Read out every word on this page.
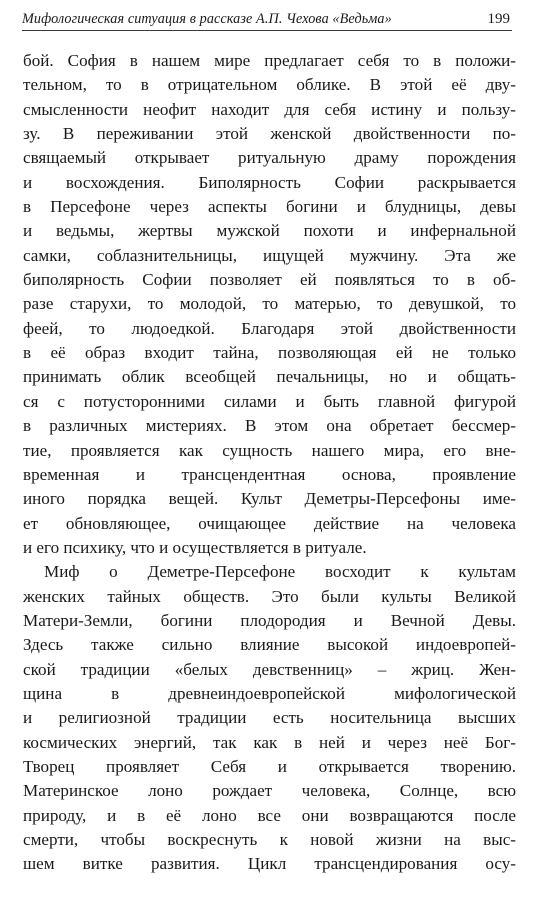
Мифологическая ситуация в рассказе А.П. Чехова «Ведьма»	199
бой. София в нашем мире предлагает себя то в положи-
тельном, то в отрицательном облике. В этой её дву-
смысленности неофит находит для себя истину и пользу-
зу. В переживании этой женской двойственности по-
свящаемый открывает ритуальную драму порождения
и восхождения. Биполярность Софии раскрывается
в Персефоне через аспекты богини и блудницы, девы
и ведьмы, жертвы мужской похоти и инфернальной
самки, соблазнительницы, ищущей мужчину. Эта же
биполярность Софии позволяет ей появляться то в об-
разе старухи, то молодой, то матерью, то девушкой, то
феей, то людоедкой. Благодаря этой двойственности
в её образ входит тайна, позволяющая ей не только
принимать облик всеобщей печальницы, но и общать-
ся с потусторонними силами и быть главной фигурой
в различных мистериях. В этом она обретает бессмер-
тие, проявляется как сущность нашего мира, его вне-
временная и трансцендентная основа, проявление
иного порядка вещей. Культ Деметры-Персефоны име-
ет обновляющее, очищающее действие на человека
и его психику, что и осуществляется в ритуале.
Миф о Деметре-Персефоне восходит к культам
женских тайных обществ. Это были культы Великой
Матери-Земли, богини плодородия и Вечной Девы.
Здесь также сильно влияние высокой индоевропей-
ской традиции «белых девственниц» – жриц. Жен-
щина в древнеиндоевропейской мифологической
и религиозной традиции есть носительница высших
космических энергий, так как в ней и через неё Бог-
Творец проявляет Себя и открывается творению.
Материнское лоно рождает человека, Солнце, всю
природу, и в её лоно все они возвращаются после
смерти, чтобы воскреснуть к новой жизни на выс-
шем витке развития. Цикл трансцендирования осу-
